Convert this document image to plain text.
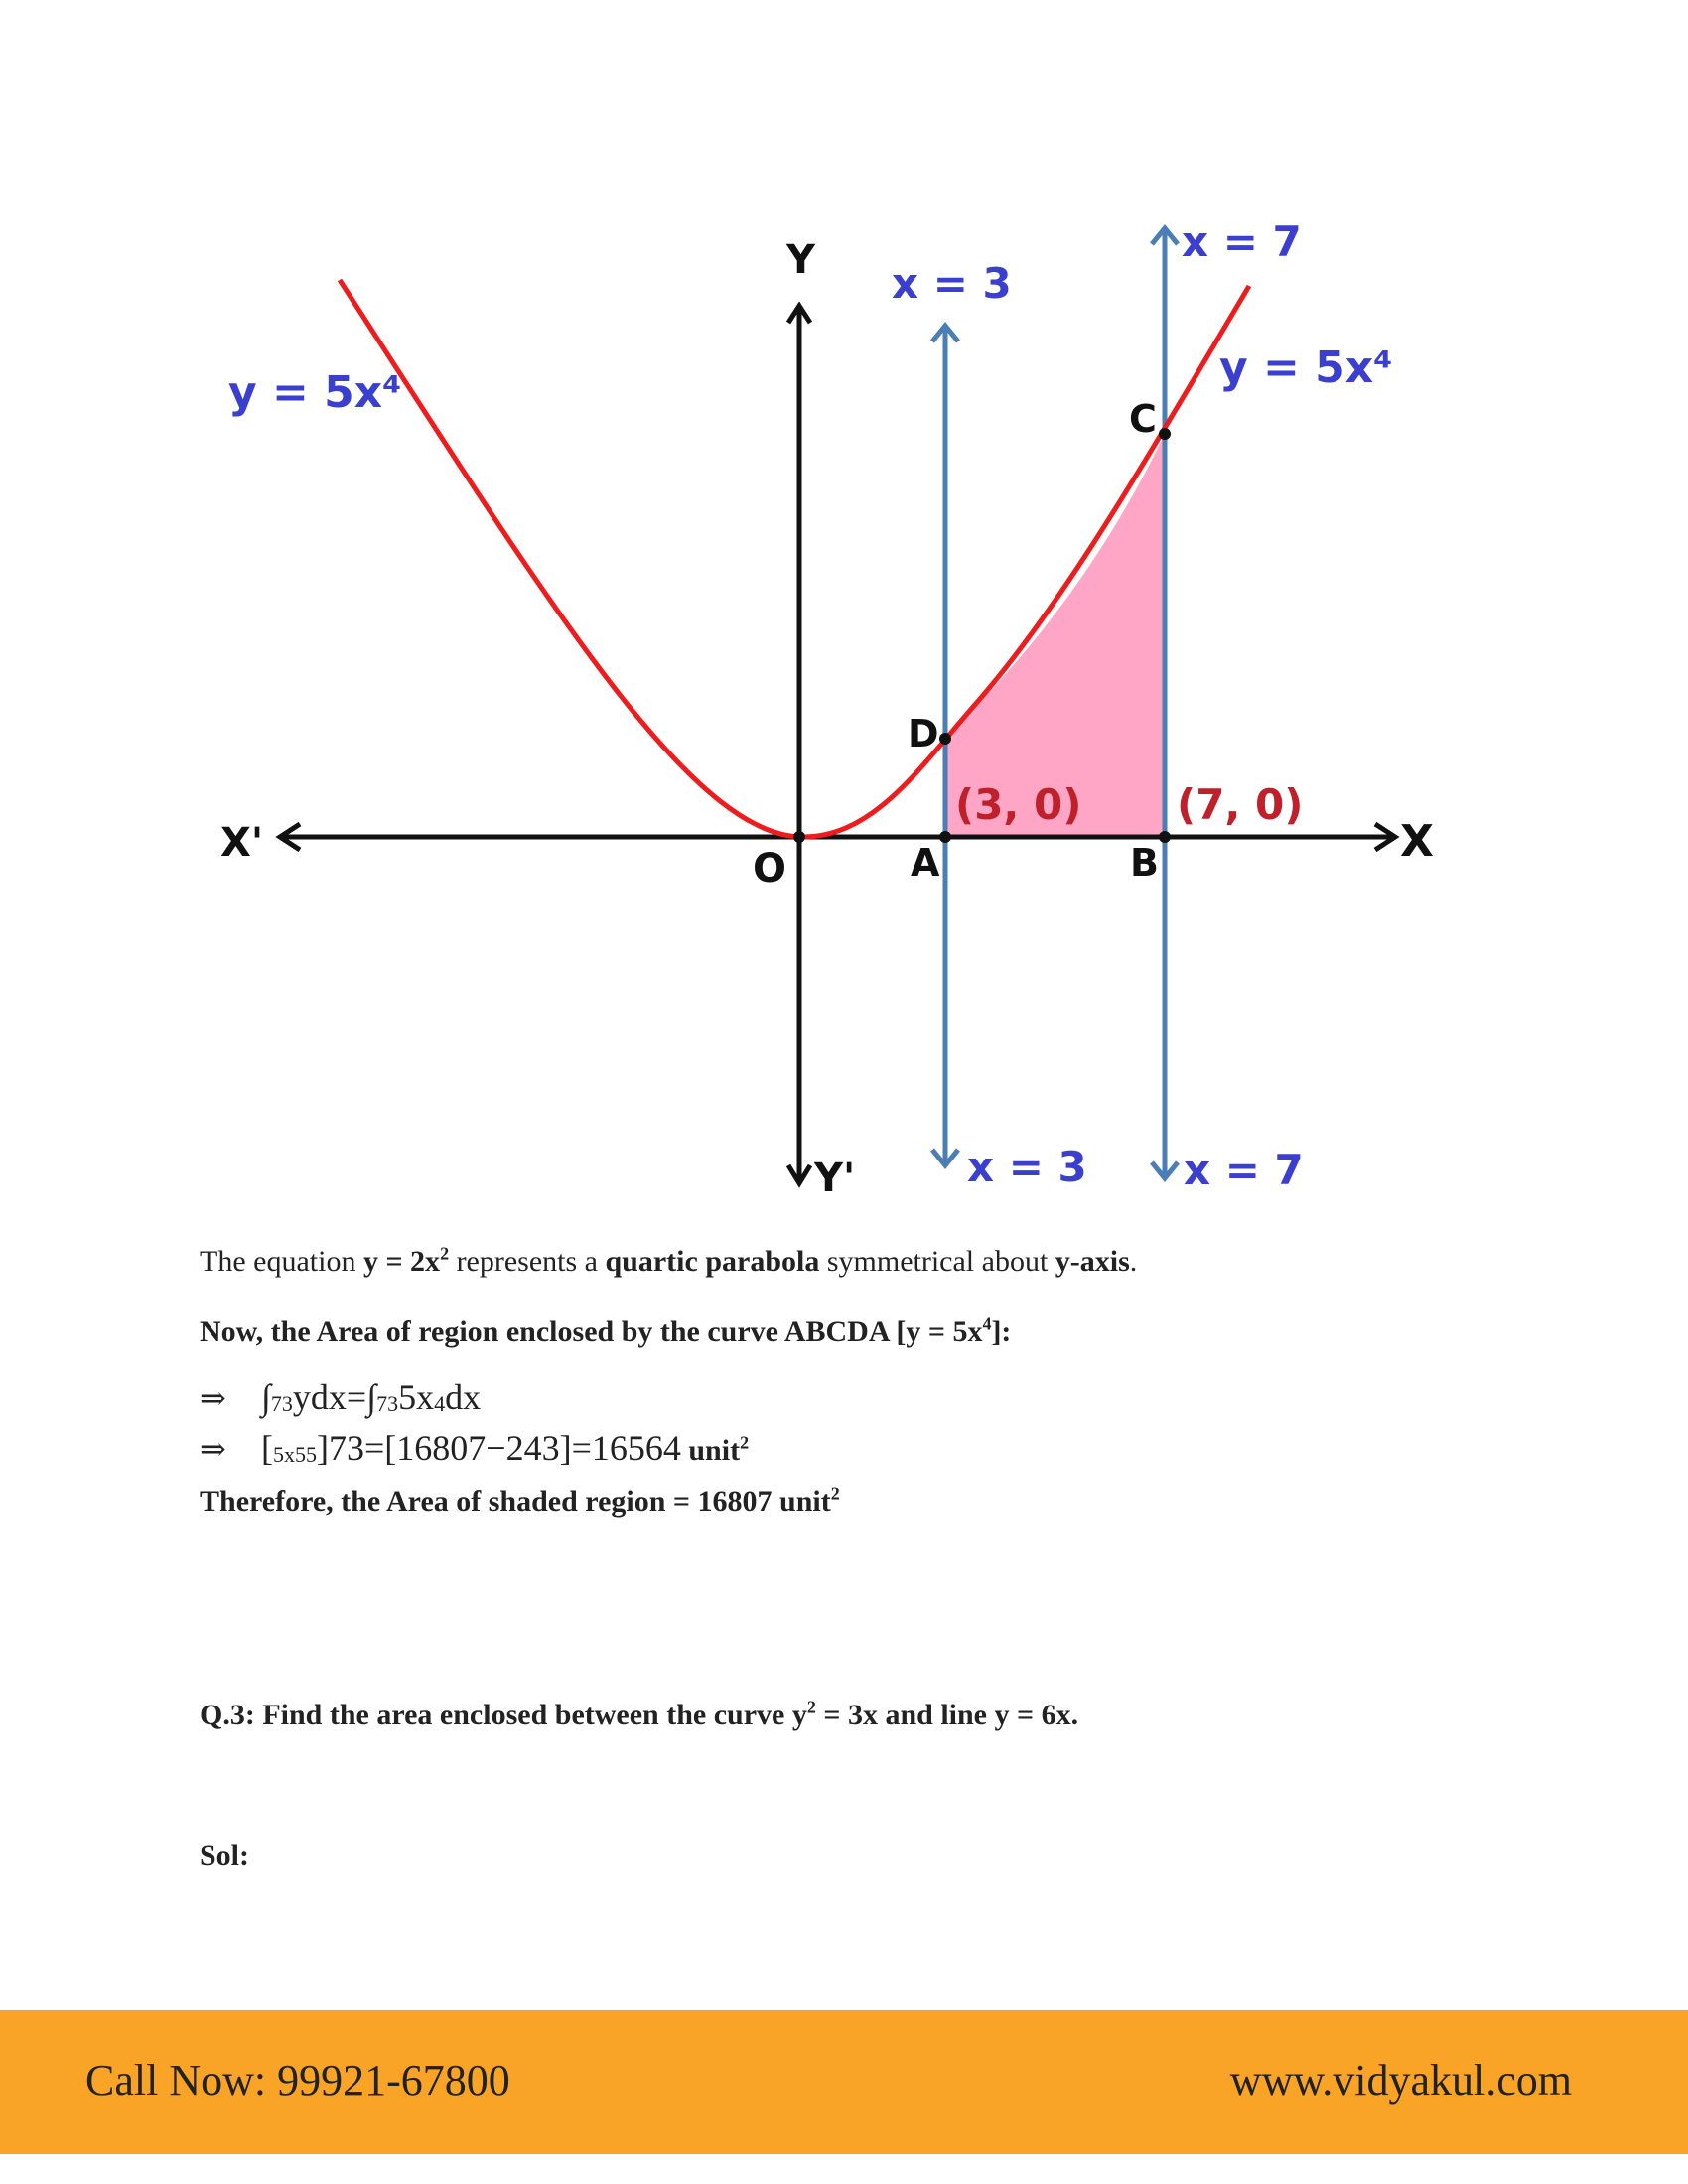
y = 5x⁴	y = 5x⁴
Y
Y'
X
X'
x = 3
x = 3
x = 7
x = 7
O	A	B
C
D
(3, 0) (7, 0)
The equation $y = 2x^2$ represents a quartic parabola symmetrical about y-axis.
Now, the Area of region enclosed by the curve ABCDA $[y = 5x^4]$:
⇒ ∫73ydx=∫735x4dx
⇒ [5x55]73=[16807−243]=16564 unit$^2$
Therefore, the Area of shaded region = 16807 unit$^2$
Q.3: Find the area enclosed between the curve $y^2 = 3x$ and line y = 6x.
Sol:
Call Now: 99921-67800	www.vidyakul.com
